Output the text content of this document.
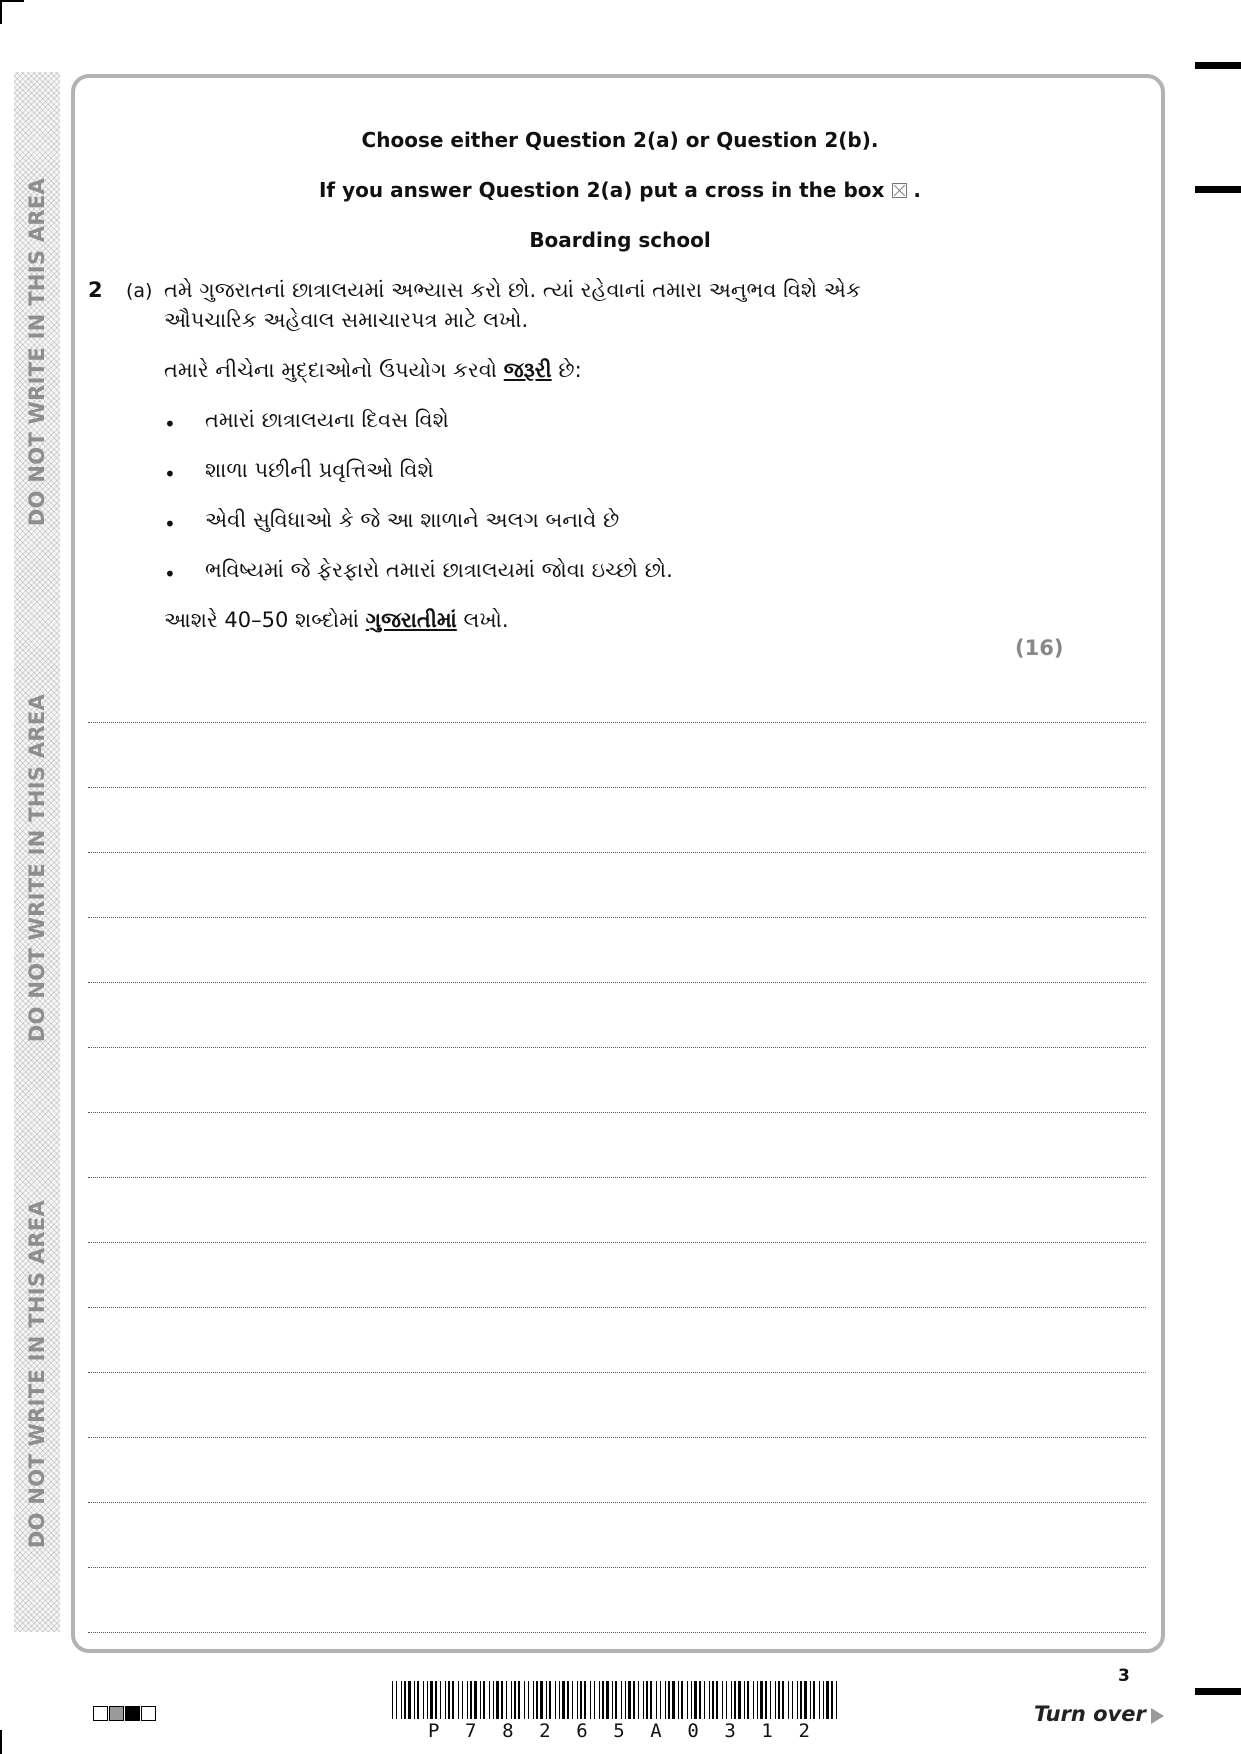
DO NOT WRITE IN THIS AREA
DO NOT WRITE IN THIS AREA
DO NOT WRITE IN THIS AREA
Choose either Question 2(a) or Question 2(b).
If you answer Question 2(a) put a cross in the box ☒ .
Boarding school
2 (a) તમે ગુજરાતનાં છાત્રાલયમાં અભ્યાસ કરો છો. ત્યાં રહેવાનાં તમારા અનુભવ વિશે એક
ઔપચારિક અહેવાલ સમાચારપત્ર માટે લખો.
તમારે નીચેના મુદ્દાઓનો ઉપયોગ કરવો જરૂરી છે:
• તમારાં છાત્રાલયના દિવસ વિશે
• શાળા પછીની પ્રવૃત્તિઓ વિશે
• એવી સુવિધાઓ કે જે આ શાળાને અલગ બનાવે છે
• ભવિષ્યમાં જે ફેરફારો તમારાં છાત્રાલયમાં જોવા ઇચ્છો છો.
આશરે 40–50 શબ્દોમાં ગુજરાતીમાં લખો.
(16)
P 7 8 2 6 5 A 0 3 1 2
3
Turn over
